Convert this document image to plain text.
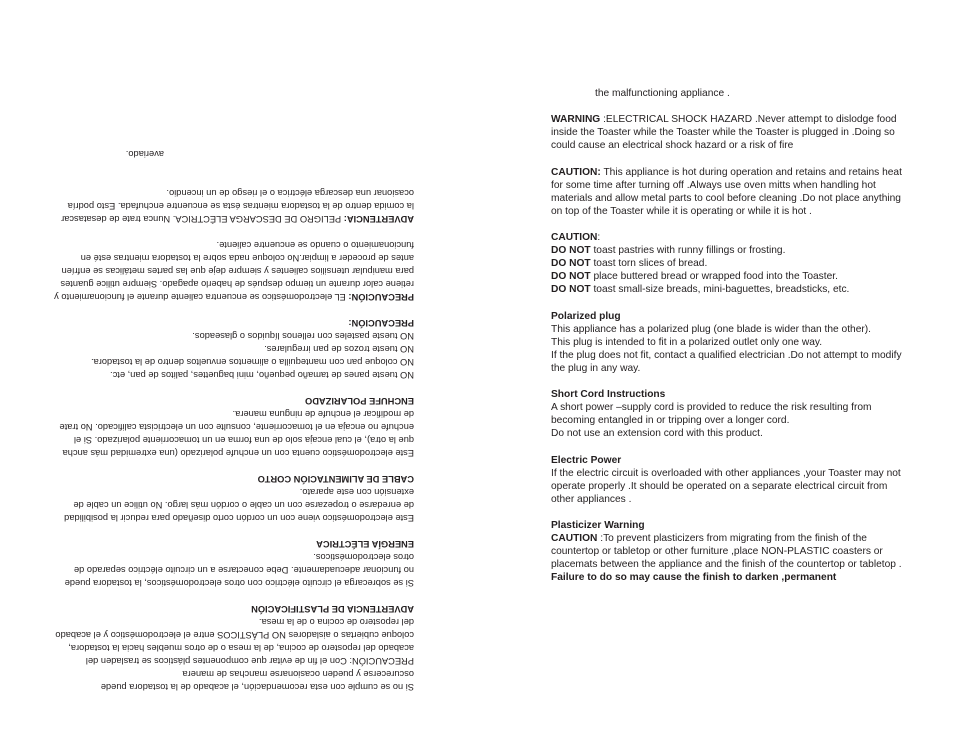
Si no se cumple con esta recomendación, el acabado de la tostadora puede oscurecerse y pueden ocasionarse manchas de manera

PRECAUCIÓN: Con el fin de evitar que componentes plásticos se trasladen del acabado del repostero de cocina, de la mesa o de otros muebles hacia la tostadora, coloque cubiertas o aisladores NO PLÁSTICOS entre el electrodoméstico y el acabado del repostero de cocina o de la mesa.

ADVERTENCIA DE PLASTIFICACIÓN

Si se sobrecarga el circuito eléctrico con otros electrodomésticos, la tostadora puede no funcionar adecuadamente. Debe conectarse a un circuito eléctrico separado de otros electrodomésticos.

ENERGÍA ELÉCTRICA

Este electrodoméstico viene con un cordón corto diseñado para reducir la posibilidad de enredarse o tropezarse con un cable o cordón más largo. No utilice un cable de extensión con este aparato.

CABLE DE ALIMENTACIÓN CORTO

Este electrodoméstico cuenta con un enchufe polarizado (una extremidad más ancha que la otra), el cual encaja solo de una forma en un tomacorriente polarizado. Si el enchufe no encaja en el tomacorriente, consulte con un electricista calificado. No trate de modificar el enchufe de ninguna manera.

ENCHUFE POLARIZADO

NO tueste panes de tamaño pequeño, mini baguettes, palitos de pan, etc.

NO coloque pan con mantequilla o alimentos envueltos dentro de la tostadora.

NO tueste trozos de pan irregulares.

NO tueste pasteles con rellenos líquidos o glaseados.

PRECAUCIÓN:

PRECAUCIÓN: EL electrodoméstico se encuentra caliente durante el funcionamiento y retiene calor durante un tiempo después de haberlo apagado. Siempre utilice guantes para manipular utensilios calientes y siempre deje que las partes metálicas se enfríen antes de proceder a limpiar.No coloque nada sobre la tostadora mientras esté en funcionamiento o cuando se encuentre caliente.

ADVERTENCIA: PELIGRO DE DESCARGA ELÉCTRICA. Nunca trate de desatascar la comida dentro de la tostadora mientras ésta se encuentre enchufada. Esto podría ocasionar una descarga eléctrica o el riesgo de un incendio.

averiado.

the malfunctioning appliance .

WARNING :ELECTRICAL SHOCK HAZARD .Never attempt to dislodge food inside the Toaster while the Toaster while the Toaster is plugged in .Doing so could cause an electrical shock hazard or a risk of fire

CAUTION: This appliance is hot during operation and retains and retains heat for some time after turning off .Always use oven mitts when handling hot materials and allow metal parts to cool before cleaning .Do not place anything on top of the Toaster while it is operating or while it is hot .

CAUTION:

DO NOT toast pastries with runny fillings or frosting.

DO NOT toast torn slices of bread.

DO NOT place buttered bread or wrapped food into the Toaster.

DO NOT toast small-size breads, mini-baguettes, breadsticks, etc.

Polarized plug

This appliance has a polarized plug (one blade is wider than the other).

This plug is intended to fit in a polarized outlet only one way.

If the plug does not fit, contact a qualified electrician .Do not attempt to modify the plug in any way.

Short Cord Instructions

A short power –supply cord is provided to reduce the risk resulting from becoming entangled in or tripping over a longer cord.

Do not use an extension cord with this product.

Electric Power

If the electric circuit is overloaded with other appliances ,your Toaster may not operate properly .It should be operated on a separate electrical circuit from other appliances .

Plasticizer Warning

CAUTION :To prevent plasticizers from migrating from the finish of the countertop or tabletop or other furniture ,place NON-PLASTIC coasters or placemats between the appliance and the finish of the countertop or tabletop .

Failure to do so may cause the finish to darken ,permanent
